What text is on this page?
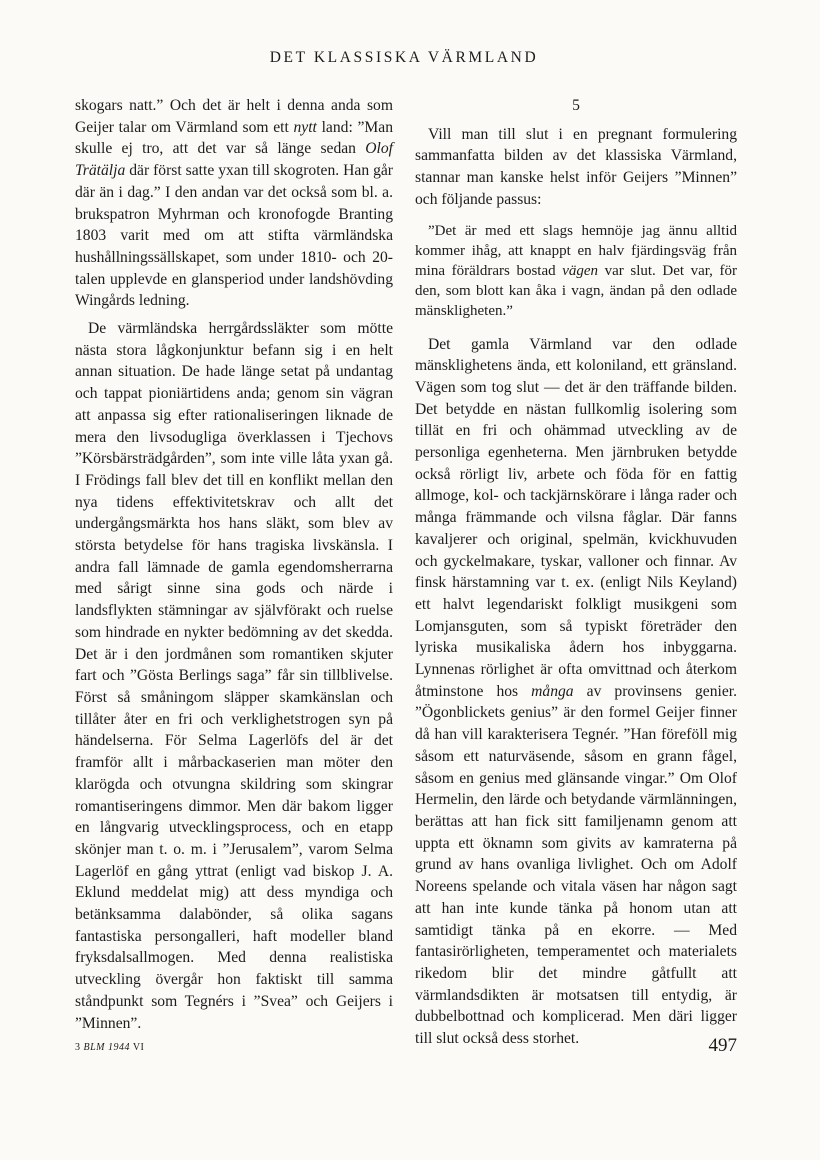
DET KLASSISKA VÄRMLAND

skogars natt.” Och det är helt i denna anda som Geijer talar om Värmland som ett nytt land: ”Man skulle ej tro, att det var så länge sedan Olof Trätälja där först satte yxan till skogroten. Han går där än i dag.” I den andan var det också som bl. a. brukspatron Myhrman och kronofogde Branting 1803 varit med om att stifta värmländska hushållningssällskapet, som under 1810- och 20-talen upplevde en glansperiod under landshövding Wingårds ledning.

De värmländska herrgårdssläkter som mötte nästa stora lågkonjunktur befann sig i en helt annan situation. De hade länge setat på undantag och tappat pioniärtidens anda; genom sin vägran att anpassa sig efter rationaliseringen liknade de mera den livsodugliga överklassen i Tjechovs ”Körsbärsträdgården”, som inte ville låta yxan gå. I Frödings fall blev det till en konflikt mellan den nya tidens effektivitetskrav och allt det undergångsmärkta hos hans släkt, som blev av största betydelse för hans tragiska livskänsla. I andra fall lämnade de gamla egendomsherrarna med sårigt sinne sina gods och närde i landsflykten stämningar av självförakt och ruelse som hindrade en nykter bedömning av det skedda. Det är i den jordmånen som romantiken skjuter fart och ”Gösta Berlings saga” får sin tillblivelse. Först så småningom släpper skamkänslan och tillåter åter en fri och verklighetstrogen syn på händelserna. För Selma Lagerlöfs del är det framför allt i mårbackaserien man möter den klarögda och otvungna skildring som skingrar romantiseringens dimmor. Men där bakom ligger en långvarig utvecklingsprocess, och en etapp skönjer man t. o. m. i ”Jerusalem”, varom Selma Lagerlöf en gång yttrat (enligt vad biskop J. A. Eklund meddelat mig) att dess myndiga och betänksamma dalabönder, så olika sagans fantastiska persongalleri, haft modeller bland fryksdalsallmogen. Med denna realistiska utveckling övergår hon faktiskt till samma ståndpunkt som Tegnérs i ”Svea” och Geijers i ”Minnen”.

5

Vill man till slut i en pregnant formulering sammanfatta bilden av det klassiska Värmland, stannar man kanske helst inför Geijers ”Minnen” och följande passus:

”Det är med ett slags hemnöje jag ännu alltid kommer ihåg, att knappt en halv fjärdingsväg från mina föräldrars bostad vägen var slut. Det var, för den, som blott kan åka i vagn, ändan på den odlade mänskligheten.”

Det gamla Värmland var den odlade mänsklighetens ända, ett koloniland, ett gränsland. Vägen som tog slut — det är den träffande bilden. Det betydde en nästan fullkomlig isolering som tillät en fri och ohämmad utveckling av de personliga egenheterna. Men järnbruken betydde också rörligt liv, arbete och föda för en fattig allmoge, kol- och tackjärnskörare i långa rader och många främmande och vilsna fåglar. Där fanns kavaljerer och original, spelmän, kvickhuvuden och gyckelmakare, tyskar, valloner och finnar. Av finsk härstamning var t. ex. (enligt Nils Keyland) ett halvt legendariskt folkligt musikgeni som Lomjansguten, som så typiskt företräder den lyriska musikaliska ådern hos inbyggarna. Lynnenas rörlighet är ofta omvittnad och återkom åtminstone hos många av provinsens genier. ”Ögonblickets genius” är den formel Geijer finner då han vill karakterisera Tegnér. ”Han föreföll mig såsom ett naturväsende, såsom en grann fågel, såsom en genius med glänsande vingar.” Om Olof Hermelin, den lärde och betydande värmlänningen, berättas att han fick sitt familjenamn genom att uppta ett öknamn som givits av kamraterna på grund av hans ovanliga livlighet. Och om Adolf Noreens spelande och vitala väsen har någon sagt att han inte kunde tänka på honom utan att samtidigt tänka på en ekorre. — Med fantasirörligheten, temperamentet och materialets rikedom blir det mindre gåtfullt att värmlandsdikten är motsatsen till entydig, är dubbelbottnad och komplicerad. Men däri ligger till slut också dess storhet.

3 BLM 1944 VI	497
